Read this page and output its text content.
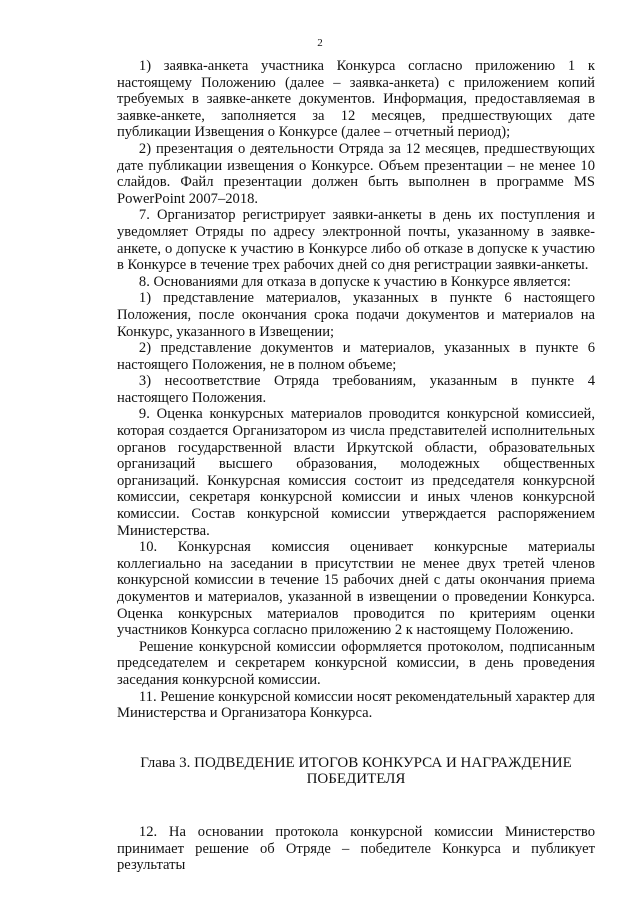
2

1) заявка-анкета участника Конкурса согласно приложению 1 к настоящему Положению (далее – заявка-анкета) с приложением копий требуемых в заявке-анкете документов. Информация, предоставляемая в заявке-анкете, заполняется за 12 месяцев, предшествующих дате публикации Извещения о Конкурсе (далее – отчетный период);

2) презентация о деятельности Отряда за 12 месяцев, предшествующих дате публикации извещения о Конкурсе. Объем презентации – не менее 10 слайдов. Файл презентации должен быть выполнен в программе MS PowerPoint 2007–2018.

7. Организатор регистрирует заявки-анкеты в день их поступления и уведомляет Отряды по адресу электронной почты, указанному в заявке-анкете, о допуске к участию в Конкурсе либо об отказе в допуске к участию в Конкурсе в течение трех рабочих дней со дня регистрации заявки-анкеты.

8. Основаниями для отказа в допуске к участию в Конкурсе является:

1) представление материалов, указанных в пункте 6 настоящего Положения, после окончания срока подачи документов и материалов на Конкурс, указанного в Извещении;

2) представление документов и материалов, указанных в пункте 6 настоящего Положения, не в полном объеме;

3) несоответствие Отряда требованиям, указанным в пункте 4 настоящего Положения.

9. Оценка конкурсных материалов проводится конкурсной комиссией, которая создается Организатором из числа представителей исполнительных органов государственной власти Иркутской области, образовательных организаций высшего образования, молодежных общественных организаций. Конкурсная комиссия состоит из председателя конкурсной комиссии, секретаря конкурсной комиссии и иных членов конкурсной комиссии. Состав конкурсной комиссии утверждается распоряжением Министерства.

10. Конкурсная комиссия оценивает конкурсные материалы коллегиально на заседании в присутствии не менее двух третей членов конкурсной комиссии в течение 15 рабочих дней с даты окончания приема документов и материалов, указанной в извещении о проведении Конкурса. Оценка конкурсных материалов проводится по критериям оценки участников Конкурса согласно приложению 2 к настоящему Положению.

Решение конкурсной комиссии оформляется протоколом, подписанным председателем и секретарем конкурсной комиссии, в день проведения заседания конкурсной комиссии.

11. Решение конкурсной комиссии носят рекомендательный характер для Министерства и Организатора Конкурса.

Глава 3. ПОДВЕДЕНИЕ ИТОГОВ КОНКУРСА И НАГРАЖДЕНИЕ ПОБЕДИТЕЛЯ

12. На основании протокола конкурсной комиссии Министерство принимает решение об Отряде – победителе Конкурса и публикует результаты
